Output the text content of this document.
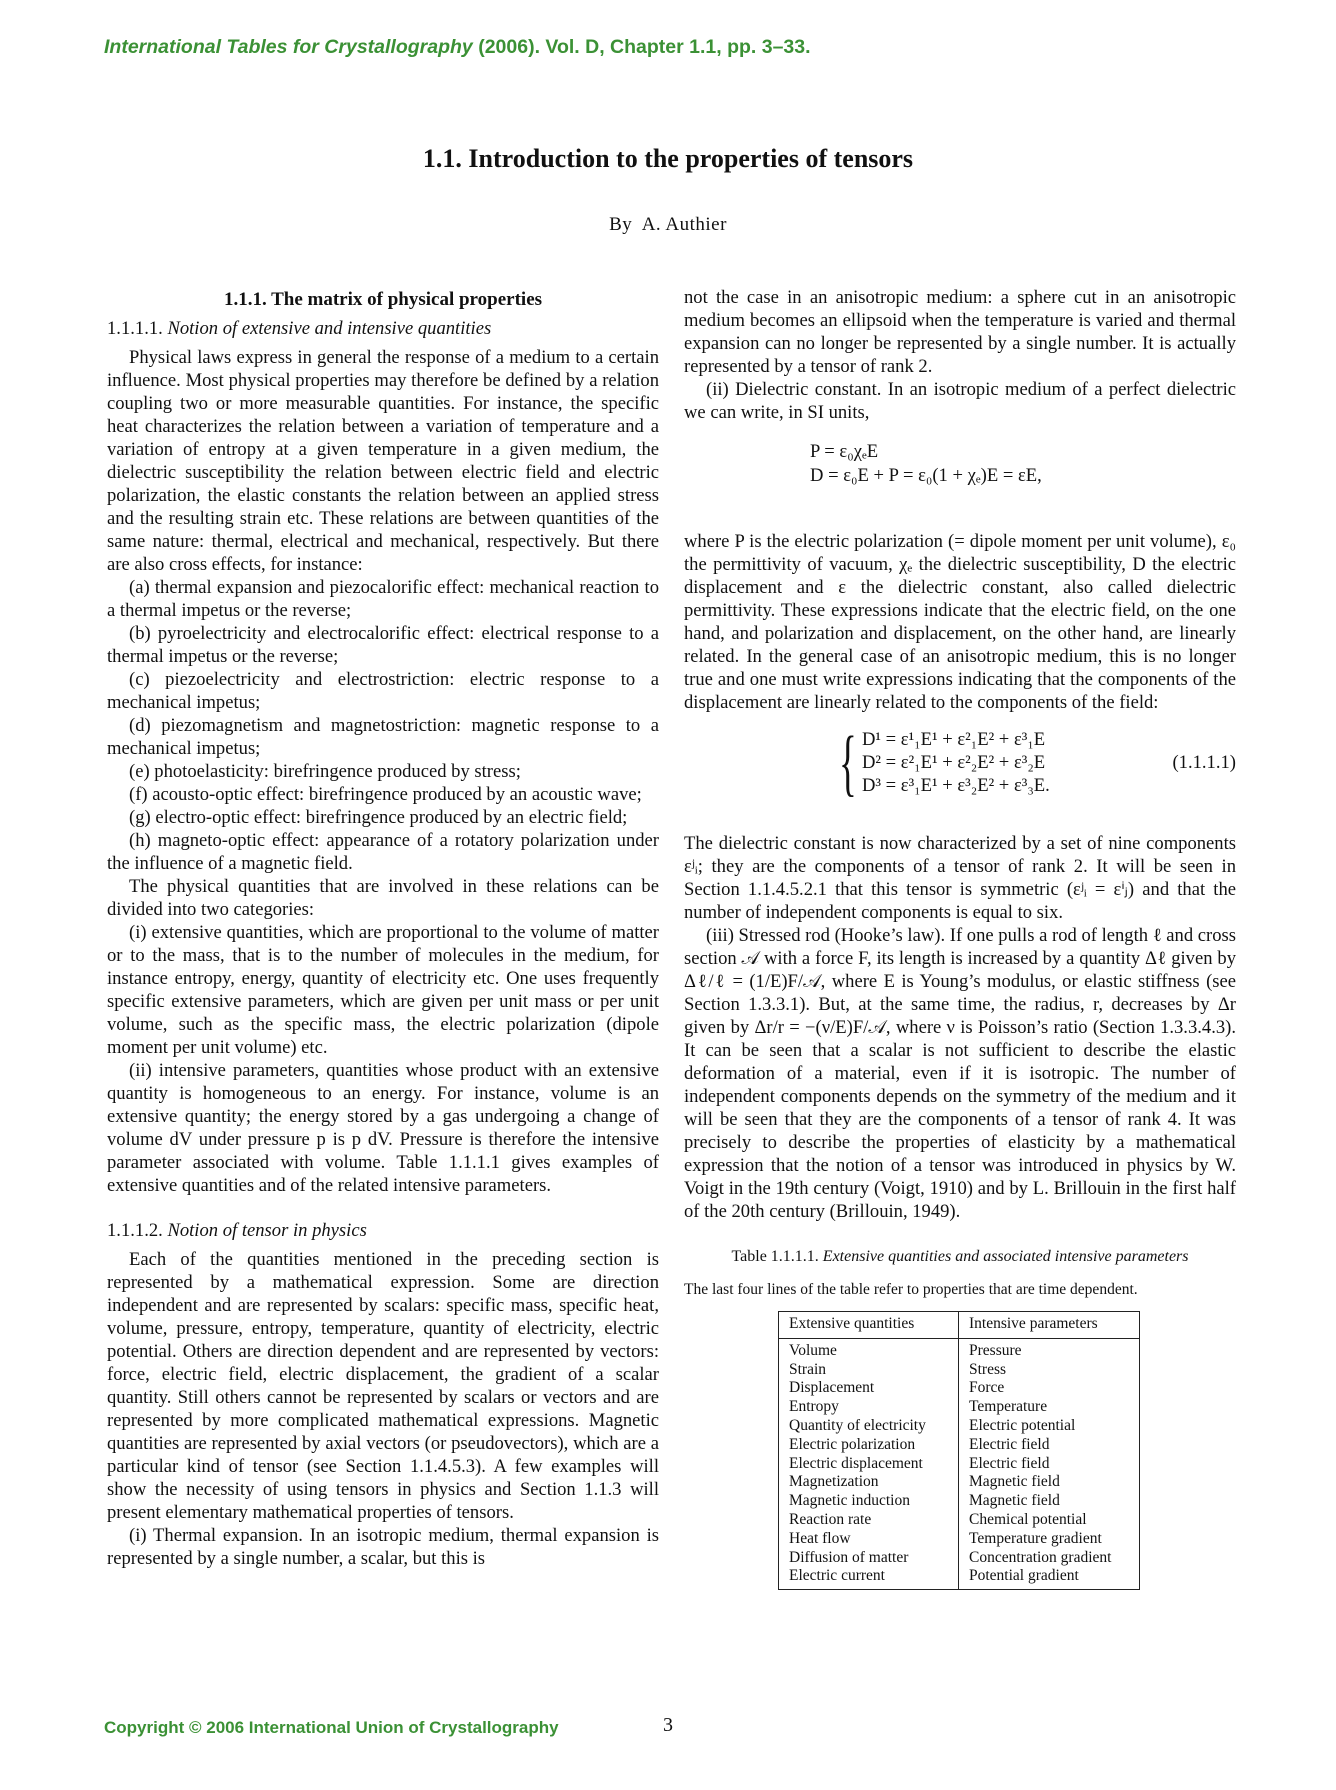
International Tables for Crystallography (2006). Vol. D, Chapter 1.1, pp. 3–33.
1.1. Introduction to the properties of tensors
By A. Authier
1.1.1. The matrix of physical properties
1.1.1.1. Notion of extensive and intensive quantities

Physical laws express in general the response of a medium to a certain influence. Most physical properties may therefore be defined by a relation coupling two or more measurable quantities. For instance, the specific heat characterizes the relation between a variation of temperature and a variation of entropy at a given temperature in a given medium, the dielectric susceptibility the relation between electric field and electric polarization, the elastic constants the relation between an applied stress and the resulting strain etc. These relations are between quantities of the same nature: thermal, electrical and mechanical, respectively. But there are also cross effects, for instance:

(a) thermal expansion and piezocalorific effect: mechanical reaction to a thermal impetus or the reverse;

(b) pyroelectricity and electrocalorific effect: electrical response to a thermal impetus or the reverse;

(c) piezoelectricity and electrostriction: electric response to a mechanical impetus;

(d) piezomagnetism and magnetostriction: magnetic response to a mechanical impetus;

(e) photoelasticity: birefringence produced by stress;

(f) acousto-optic effect: birefringence produced by an acoustic wave;

(g) electro-optic effect: birefringence produced by an electric field;

(h) magneto-optic effect: appearance of a rotatory polarization under the influence of a magnetic field.

The physical quantities that are involved in these relations can be divided into two categories:

(i) extensive quantities, which are proportional to the volume of matter or to the mass, that is to the number of molecules in the medium, for instance entropy, energy, quantity of electricity etc. One uses frequently specific extensive parameters, which are given per unit mass or per unit volume, such as the specific mass, the electric polarization (dipole moment per unit volume) etc.

(ii) intensive parameters, quantities whose product with an extensive quantity is homogeneous to an energy. For instance, volume is an extensive quantity; the energy stored by a gas undergoing a change of volume dV under pressure p is p dV. Pressure is therefore the intensive parameter associated with volume. Table 1.1.1.1 gives examples of extensive quantities and of the related intensive parameters.

1.1.1.2. Notion of tensor in physics

Each of the quantities mentioned in the preceding section is represented by a mathematical expression. Some are direction independent and are represented by scalars: specific mass, specific heat, volume, pressure, entropy, temperature, quantity of electricity, electric potential. Others are direction dependent and are represented by vectors: force, electric field, electric displacement, the gradient of a scalar quantity. Still others cannot be represented by scalars or vectors and are represented by more complicated mathematical expressions. Magnetic quantities are represented by axial vectors (or pseudovectors), which are a particular kind of tensor (see Section 1.1.4.5.3). A few examples will show the necessity of using tensors in physics and Section 1.1.3 will present elementary mathematical properties of tensors.

(i) Thermal expansion. In an isotropic medium, thermal expansion is represented by a single number, a scalar, but this is

not the case in an anisotropic medium: a sphere cut in an anisotropic medium becomes an ellipsoid when the temperature is varied and thermal expansion can no longer be represented by a single number. It is actually represented by a tensor of rank 2.

(ii) Dielectric constant. In an isotropic medium of a perfect dielectric we can write, in SI units,

P = ε₀χₑE
D = ε₀E + P = ε₀(1 + χₑ)E = εE,

where P is the electric polarization (= dipole moment per unit volume), ε₀ the permittivity of vacuum, χₑ the dielectric susceptibility, D the electric displacement and ε the dielectric constant, also called dielectric permittivity. These expressions indicate that the electric field, on the one hand, and polarization and displacement, on the other hand, are linearly related. In the general case of an anisotropic medium, this is no longer true and one must write expressions indicating that the components of the displacement are linearly related to the components of the field:

{ D¹ = ε¹₁E¹ + ε²₁E² + ε³₁E
D² = ε²₁E¹ + ε²₂E² + ε³₂E
D³ = ε³₁E¹ + ε³₂E² + ε³₃E.
(1.1.1.1)

The dielectric constant is now characterized by a set of nine components εʲᵢ; they are the components of a tensor of rank 2. It will be seen in Section 1.1.4.5.2.1 that this tensor is symmetric (εʲᵢ = εⁱⱼ) and that the number of independent components is equal to six.

(iii) Stressed rod (Hooke’s law). If one pulls a rod of length ℓ and cross section 𝒜 with a force F, its length is increased by a quantity Δℓ given by Δℓ/ℓ = (1/E)F/𝒜, where E is Young’s modulus, or elastic stiffness (see Section 1.3.3.1). But, at the same time, the radius, r, decreases by Δr given by Δr/r = −(ν/E)F/𝒜, where ν is Poisson’s ratio (Section 1.3.3.4.3). It can be seen that a scalar is not sufficient to describe the elastic deformation of a material, even if it is isotropic. The number of independent components depends on the symmetry of the medium and it will be seen that they are the components of a tensor of rank 4. It was precisely to describe the properties of elasticity by a mathematical expression that the notion of a tensor was introduced in physics by W. Voigt in the 19th century (Voigt, 1910) and by L. Brillouin in the first half of the 20th century (Brillouin, 1949).

Table 1.1.1.1. Extensive quantities and associated intensive parameters
The last four lines of the table refer to properties that are time dependent.
Extensive quantities	Intensive parameters
Volume	Pressure
Strain	Stress
Displacement	Force
Entropy	Temperature
Quantity of electricity	Electric potential
Electric polarization	Electric field
Electric displacement	Electric field
Magnetization	Magnetic field
Magnetic induction	Magnetic field
Reaction rate	Chemical potential
Heat flow	Temperature gradient
Diffusion of matter	Concentration gradient
Electric current	Potential gradient
Copyright © 2006 International Union of Crystallography	3
